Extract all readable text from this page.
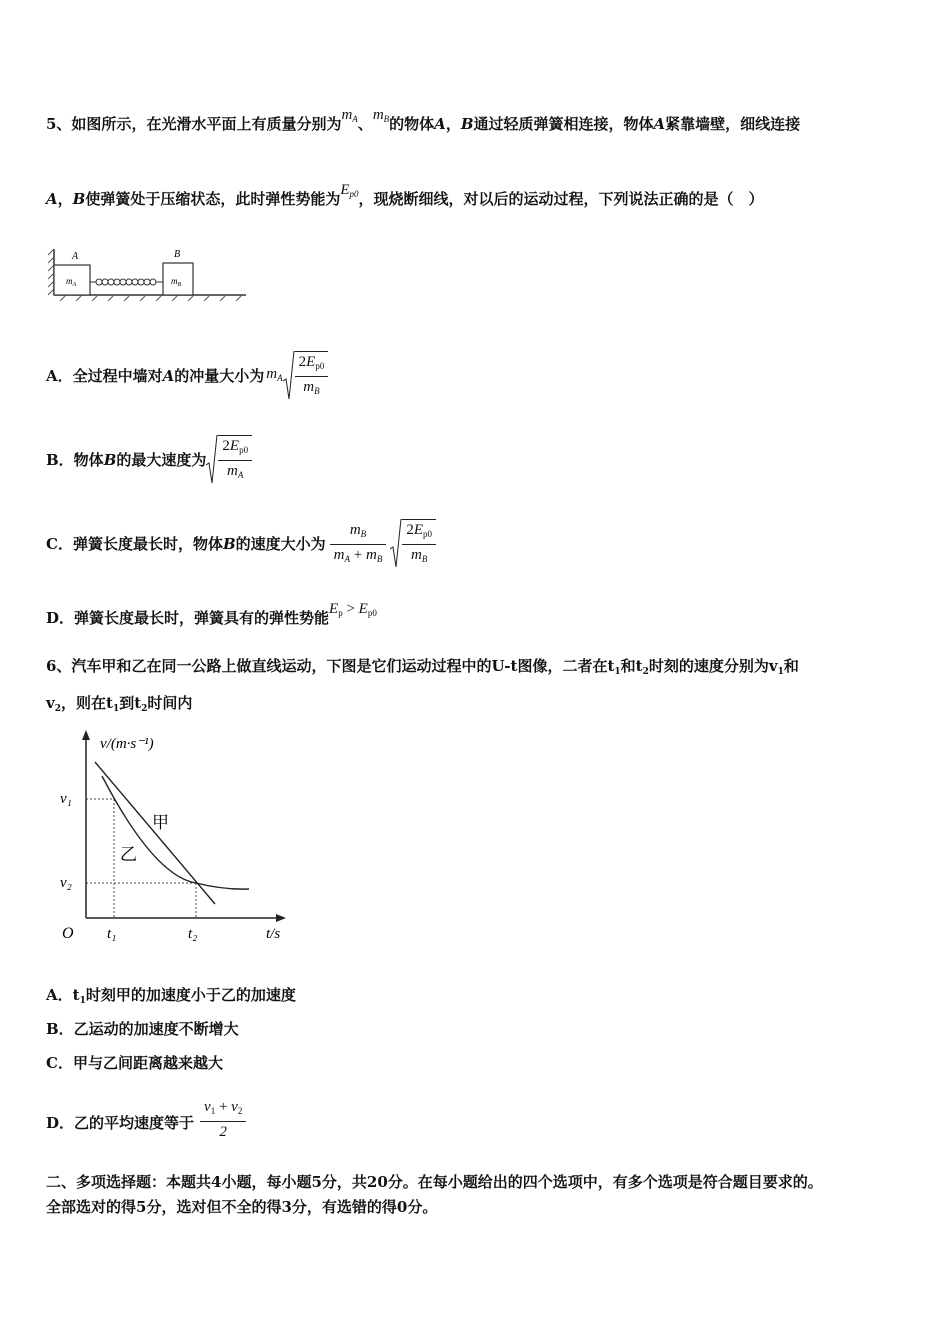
5、如图所示，在光滑水平面上有质量分别为$m_A$、$m_B$的物体A，B通过轻质弹簧相连接，物体A紧靠墙壁，细线连接
A，B使弹簧处于压缩状态，此时弹性势能为$E_{p0}$，现烧断细线，对以后的运动过程，下列说法正确的是（　）
A	B
$m_A$	$m_B$
A．全过程中墙对 A 的冲量大小为 $m_A \frac{2E_{p0}}{m_B}$
B．物体 B 的最大速度为 $\frac{2E_{p0}}{m_A}$
C．弹簧长度最长时，物体 B 的速度大小为 $\frac{m_B}{m_A + m_B} \frac{2E_{p0}}{m_B}$
D．弹簧长度最长时，弹簧具有的弹性势能$E_p > E_{p0}$
6、汽车甲和乙在同一公路上做直线运动，下图是它们运动过程中的U-t图像，二者在$t_1$和$t_2$时刻的速度分别为$v_1$和
$v_2$，则在$t_1$到$t_2$时间内
v/(m·s⁻¹)
t/s
O
v₁
v₂
t₁	t₂
甲
乙
A．$t_1$时刻甲的加速度小于乙的加速度
B．乙运动的加速度不断增大
C．甲与乙间距离越来越大
D．乙的平均速度等于 $\frac{v_1 + v_2}{2}$
二、多项选择题：本题共4小题，每小题5分，共20分。在每小题给出的四个选项中，有多个选项是符合题目要求的。
全部选对的得5分，选对但不全的得3分，有选错的得0分。
